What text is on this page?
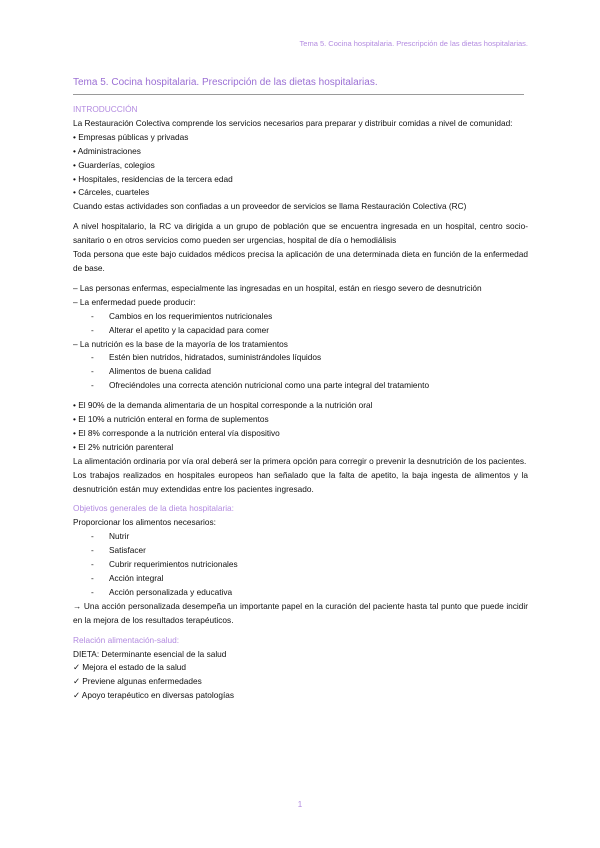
Tema 5. Cocina hospitalaria. Prescripción de las dietas hospitalarias.
Tema 5. Cocina hospitalaria. Prescripción de las dietas hospitalarias.

INTRODUCCIÓN

La Restauración Colectiva comprende los servicios necesarios para preparar y distribuir comidas a nivel de comunidad:

• Empresas públicas y privadas

• Administraciones

• Guarderías, colegios

• Hospitales, residencias de la tercera edad

• Cárceles, cuarteles

Cuando estas actividades son confiadas a un proveedor de servicios se llama Restauración Colectiva (RC)

A nivel hospitalario, la RC va dirigida a un grupo de población que se encuentra ingresada en un hospital, centro socio-sanitario o en otros servicios como pueden ser urgencias, hospital de día o hemodiálisis

Toda persona que este bajo cuidados médicos precisa la aplicación de una determinada dieta en función de la enfermedad de base.

– Las personas enfermas, especialmente las ingresadas en un hospital, están en riesgo severo de desnutrición

– La enfermedad puede producir:

- Cambios en los requerimientos nutricionales

- Alterar el apetito y la capacidad para comer

– La nutrición es la base de la mayoría de los tratamientos

- Estén bien nutridos, hidratados, suministrándoles líquidos

- Alimentos de buena calidad

- Ofreciéndoles una correcta atención nutricional como una parte integral del tratamiento

• El 90% de la demanda alimentaria de un hospital corresponde a la nutrición oral

• El 10% a nutrición enteral en forma de suplementos

• El 8% corresponde a la nutrición enteral vía dispositivo

• El 2% nutrición parenteral

La alimentación ordinaria por vía oral deberá ser la primera opción para corregir o prevenir la desnutrición de los pacientes.

Los trabajos realizados en hospitales europeos han señalado que la falta de apetito, la baja ingesta de alimentos y la desnutrición están muy extendidas entre los pacientes ingresado.

Objetivos generales de la dieta hospitalaria:

Proporcionar los alimentos necesarios:

- Nutrir

- Satisfacer

- Cubrir requerimientos nutricionales

- Acción integral

- Acción personalizada y educativa

→ Una acción personalizada desempeña un importante papel en la curación del paciente hasta tal punto que puede incidir en la mejora de los resultados terapéuticos.

Relación alimentación-salud:

DIETA: Determinante esencial de la salud

✓ Mejora el estado de la salud

✓ Previene algunas enfermedades

✓ Apoyo terapéutico en diversas patologías

1
